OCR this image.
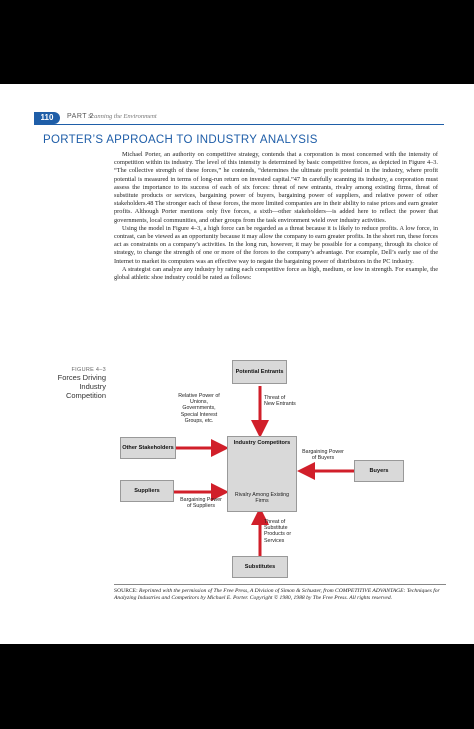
110	PART 2
Scanning the Environment
PORTER’S APPROACH TO INDUSTRY ANALYSIS

Michael Porter, an authority on competitive strategy, contends that a corporation is most concerned with the intensity of competition within its industry. The level of this intensity is determined by basic competitive forces, as depicted in Figure 4–3. “The collective strength of these forces,” he contends, “determines the ultimate profit potential in the industry, where profit potential is measured in terms of long-run return on invested capital.”47 In carefully scanning its industry, a corporation must assess the importance to its success of each of six forces: threat of new entrants, rivalry among existing firms, threat of substitute products or services, bargaining power of buyers, bargaining power of suppliers, and relative power of other stakeholders.48 The stronger each of these forces, the more limited companies are in their ability to raise prices and earn greater profits. Although Porter mentions only five forces, a sixth—other stakeholders—is added here to reflect the power that governments, local communities, and other groups from the task environment wield over industry activities.

Using the model in Figure 4–3, a high force can be regarded as a threat because it is likely to reduce profits. A low force, in contrast, can be viewed as an opportunity because it may allow the company to earn greater profits. In the short run, these forces act as constraints on a company’s activities. In the long run, however, it may be possible for a company, through its choice of strategy, to change the strength of one or more of the forces to the company’s advantage. For example, Dell’s early use of the Internet to market its computers was an effective way to negate the bargaining power of distributors in the PC industry.

A strategist can analyze any industry by rating each competitive force as high, medium, or low in strength. For example, the global athletic shoe industry could be rated as follows:

FIGURE 4–3
Forces Driving Industry Competition
Potential Entrants
Other Stakeholders
Industry Competitors
Rivalry Among Existing Firms
Suppliers
Buyers
Substitutes
Relative Power of Unions, Governments, Special Interest Groups, etc.
Threat of New Entrants
Bargaining Power of Buyers
Bargaining Power of Suppliers
Threat of Substitute Products or Services
SOURCE: Reprinted with the permission of The Free Press, A Division of Simon & Schuster, from COMPETITIVE ADVANTAGE: Techniques for Analyzing Industries and Competitors by Michael E. Porter. Copyright © 1980, 1988 by The Free Press. All rights reserved.
